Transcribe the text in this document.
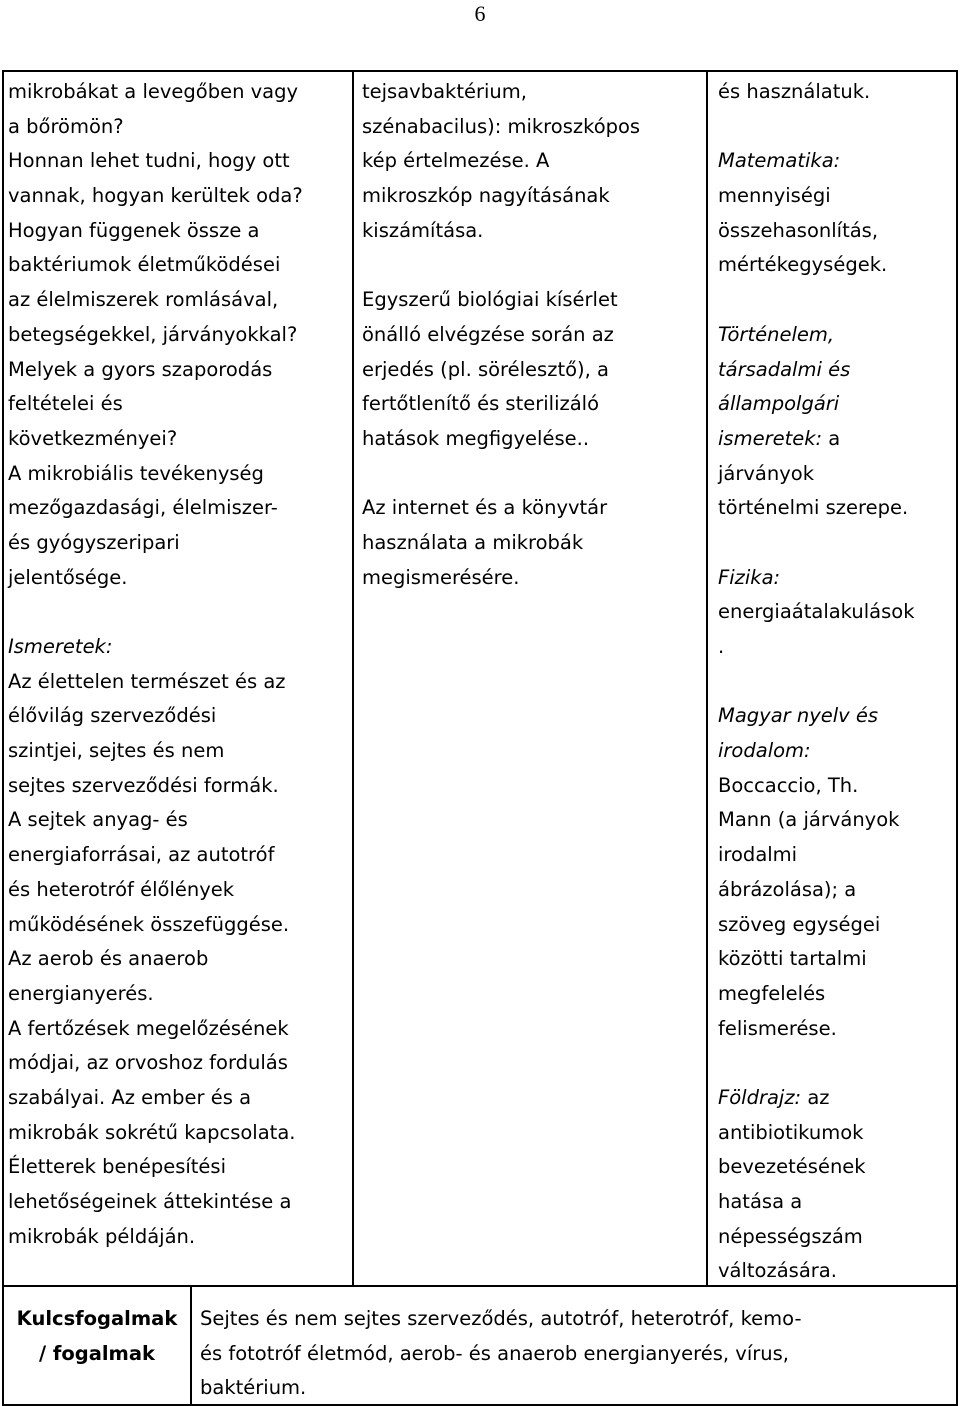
6
mikrobákat a levegőben vagy
a bőrömön?
Honnan lehet tudni, hogy ott
vannak, hogyan kerültek oda?
Hogyan függenek össze a
baktériumok életműködései
az élelmiszerek romlásával,
betegségekkel, járványokkal?
Melyek a gyors szaporodás
feltételei és
következményei?
A mikrobiális tevékenység
mezőgazdasági, élelmiszer-
és gyógyszeripari
jelentősége.
Ismeretek:
Az élettelen természet és az
élővilág szerveződési
szintjei, sejtes és nem
sejtes szerveződési formák.
A sejtek anyag- és
energiaforrásai, az autotróf
és heterotróf élőlények
működésének összefüggése.
Az aerob és anaerob
energianyerés.
A fertőzések megelőzésének
módjai, az orvoshoz fordulás
szabályai. Az ember és a
mikrobák sokrétű kapcsolata.
Életterek benépesítési
lehetőségeinek áttekintése a
mikrobák példáján.
tejsavbaktérium,
szénabacilus): mikroszkópos
kép értelmezése. A
mikroszkóp nagyításának
kiszámítása.
Egyszerű biológiai kísérlet
önálló elvégzése során az
erjedés (pl. sörélesztő), a
fertőtlenítő és sterilizáló
hatások megfigyelése..
Az internet és a könyvtár
használata a mikrobák
megismerésére.
és használatuk.
Matematika:
mennyiségi
összehasonlítás,
mértékegységek.
Történelem,
társadalmi és
állampolgári
ismeretek: a
járványok
történelmi szerepe.
Fizika:
energiaátalakulások
.
Magyar nyelv és
irodalom:
Boccaccio, Th.
Mann (a járványok
irodalmi
ábrázolása); a
szöveg egységei
közötti tartalmi
megfelelés
felismerése.
Földrajz: az
antibiotikumok
bevezetésének
hatása a
népességszám
változására.
Kulcsfogalmak
/ fogalmak
Sejtes és nem sejtes szerveződés, autotróf, heterotróf, kemo-
és fototróf életmód, aerob- és anaerob energianyerés, vírus,
baktérium.
